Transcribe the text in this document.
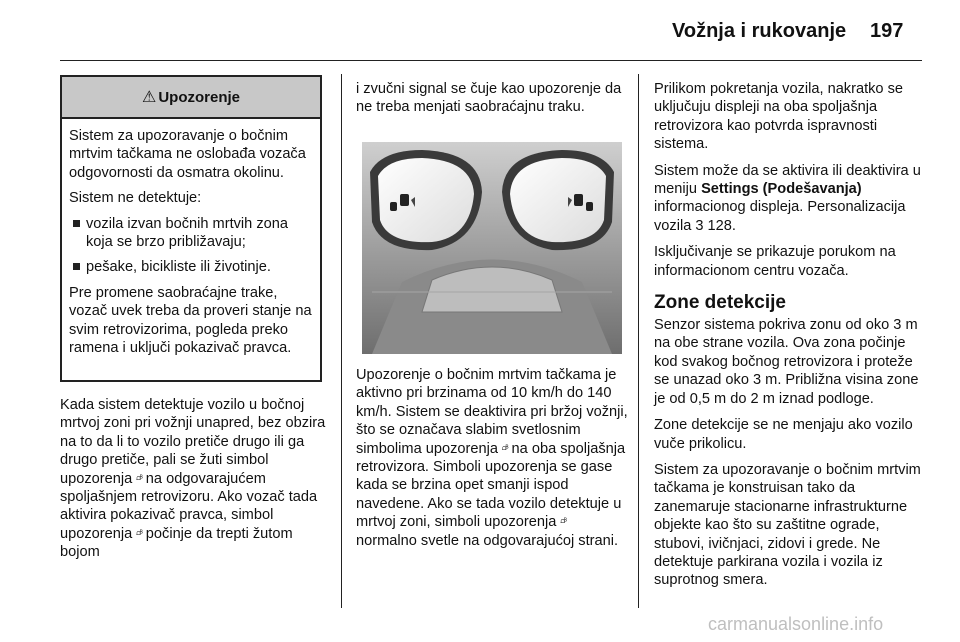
Vožnja i rukovanje 197
⚠ Upozorenje

Sistem za upozoravanje o bočnim mrtvim tačkama ne oslobađa vozača odgovornosti da osmatra okolinu.

Sistem ne detektuje:

vozila izvan bočnih mrtvih zona koja se brzo približavaju;
pešake, bicikliste ili životinje.

Pre promene saobraćajne trake, vozač uvek treba da proveri stanje na svim retrovizorima, pogleda preko ramena i uključi pokazivač pravca.

Kada sistem detektuje vozilo u bočnoj mrtvoj zoni pri vožnji unapred, bez obzira na to da li to vozilo pretiče drugo ili ga drugo pretiče, pali se žuti simbol upozorenja ⩍ᴮ na odgovarajućem spoljašnjem retrovizoru. Ako vozač tada aktivira pokazivač pravca, simbol upozorenja ⩍ᴮ počinje da trepti žutom bojom

i zvučni signal se čuje kao upozorenje da ne treba menjati saobraćajnu traku.

Upozorenje o bočnim mrtvim tačkama je aktivno pri brzinama od 10 km/h do 140 km/h. Sistem se deaktivira pri bržoj vožnji, što se označava slabim svetlosnim simbolima upozorenja ⩍ᴮ na oba spoljašnja retrovizora. Simboli upozorenja se gase kada se brzina opet smanji ispod navedene. Ako se tada vozilo detektuje u mrtvoj zoni, simboli upozorenja ⩍ᴮ normalno svetle na odgovarajućoj strani.

Prilikom pokretanja vozila, nakratko se uključuju displeji na oba spoljašnja retrovizora kao potvrda ispravnosti sistema.

Sistem može da se aktivira ili deaktivira u meniju Settings (Podešavanja) informacionog displeja. Personalizacija vozila 3 128.

Isključivanje se prikazuje porukom na informacionom centru vozača.

Zone detekcije

Senzor sistema pokriva zonu od oko 3 m na obe strane vozila. Ova zona počinje kod svakog bočnog retrovizora i proteže se unazad oko 3 m. Približna visina zone je od 0,5 m do 2 m iznad podloge.

Zone detekcije se ne menjaju ako vozilo vuče prikolicu.

Sistem za upozoravanje o bočnim mrtvim tačkama je konstruisan tako da zanemaruje stacionarne infrastrukturne objekte kao što su zaštitne ograde, stubovi, ivičnjaci, zidovi i grede. Ne detektuje parkirana vozila i vozila iz suprotnog smera.

carmanualsonline.info
